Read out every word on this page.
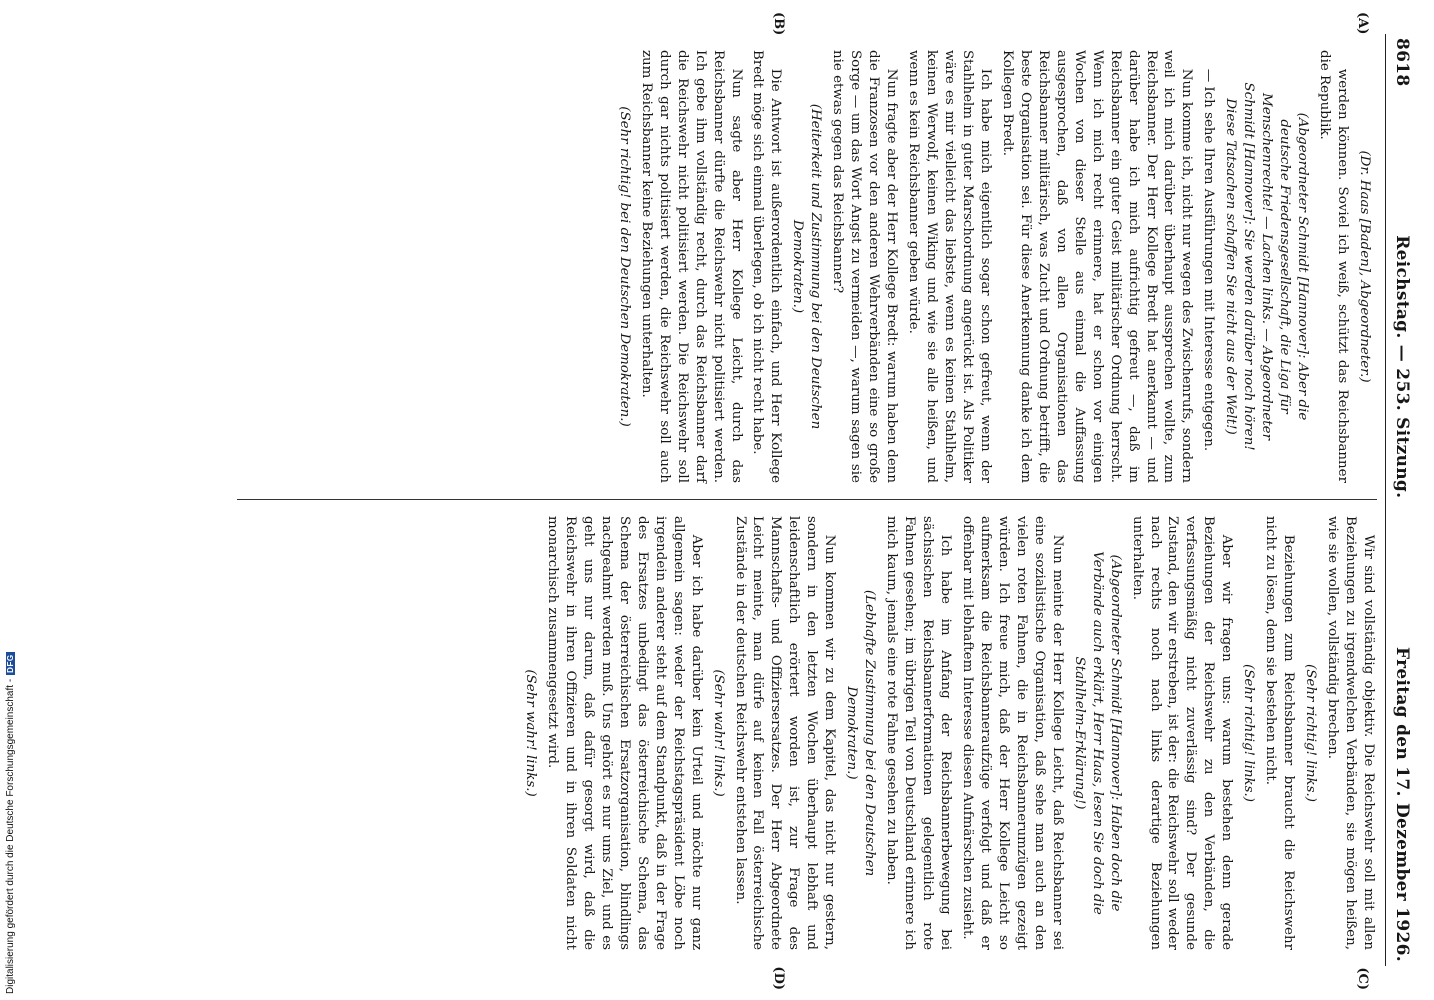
8618
Reichstag. — 253. Sitzung.
Freitag den 17. Dezember 1926.
(A)
(B)

(Dr. Haas [Baden], Abgeordneter.)

werden können. Soviel ich weiß, schützt das Reichsbanner die Republik.

(Abgeordneter Schmidt [Hannover]: Aber die deutsche Friedensgesellschaft, die Liga für Menschenrechte! — Lachen links. — Abgeordneter Schmidt [Hannover]: Sie werden darüber noch hören! Diese Tatsachen schaffen Sie nicht aus der Welt!)

— Ich sehe Ihren Ausführungen mit Interesse entgegen.

Nun komme ich, nicht nur wegen des Zwischenrufs, sondern weil ich mich darüber überhaupt aussprechen wollte, zum Reichsbanner. Der Herr Kollege Bredt hat anerkannt — und darüber habe ich mich aufrichtig gefreut —, daß im Reichsbanner ein guter Geist militärischer Ordnung herrscht. Wenn ich mich recht erinnere, hat er schon vor einigen Wochen von dieser Stelle aus einmal die Auffassung ausgesprochen, daß von allen Organisationen das Reichsbanner militärisch, was Zucht und Ordnung betrifft, die beste Organisation sei. Für diese Anerkennung danke ich dem Kollegen Bredt.

Ich habe mich eigentlich sogar schon gefreut, wenn der Stahlhelm in guter Marschordnung angerückt ist. Als Politiker wäre es mir vielleicht das liebste, wenn es keinen Stahlhelm, keinen Werwolf, keinen Wiking und wie sie alle heißen, und wenn es kein Reichsbanner geben würde.

Nun fragte aber der Herr Kollege Bredt: warum haben denn die Franzosen vor den anderen Wehrverbänden eine so große Sorge — um das Wort Angst zu vermeiden —, warum sagen sie nie etwas gegen das Reichsbanner?

(Heiterkeit und Zustimmung bei den Deutschen Demokraten.)

Die Antwort ist außerordentlich einfach, und Herr Kollege Bredt möge sich einmal überlegen, ob ich nicht recht habe.

Nun sagte aber Herr Kollege Leicht, durch das Reichsbanner dürfte die Reichswehr nicht politisiert werden. Ich gebe ihm vollständig recht, durch das Reichsbanner darf die Reichswehr nicht politisiert werden. Die Reichswehr soll durch gar nichts politisiert werden, die Reichswehr soll auch zum Reichsbanner keine Beziehungen unterhalten.

(Sehr richtig! bei den Deutschen Demokraten.)

(C)
(D)

Wir sind vollständig objektiv. Die Reichswehr soll mit allen Beziehungen zu irgendwelchen Verbänden, sie mögen heißen, wie sie wollen, vollständig brechen.

(Sehr richtig! links.)

Beziehungen zum Reichsbanner braucht die Reichswehr nicht zu lösen, denn sie bestehen nicht.

(Sehr richtig! links.)

Aber wir fragen uns: warum bestehen denn gerade Beziehungen der Reichswehr zu den Verbänden, die verfassungsmäßig nicht zuverlässig sind? Der gesunde Zustand, den wir erstreben, ist der: die Reichswehr soll weder nach rechts noch nach links derartige Beziehungen unterhalten.

(Abgeordneter Schmidt [Hannover]: Haben doch die Verbände auch erklärt, Herr Haas, lesen Sie doch die Stahlhelm-Erklärung!)

Nun meinte der Herr Kollege Leicht, daß Reichsbanner sei eine sozialistische Organisation, daß sehe man auch an den vielen roten Fahnen, die in Reichsbannerumzügen gezeigt würden. Ich freue mich, daß der Herr Kollege Leicht so aufmerksam die Reichsbanneraufzüge verfolgt und daß er offenbar mit lebhaftem Interesse diesen Aufmärschen zusieht.

Ich habe im Anfang der Reichsbannerbewegung bei sächsischen Reichsbannerformationen gelegentlich rote Fahnen gesehen; im übrigen Teil von Deutschland erinnere ich mich kaum, jemals eine rote Fahne gesehen zu haben.

(Lebhafte Zustimmung bei den Deutschen Demokraten.)

Nun kommen wir zu dem Kapitel, das nicht nur gestern, sondern in den letzten Wochen überhaupt lebhaft und leidenschaftlich erörtert worden ist, zur Frage des Mannschafts- und Offiziersersatzes. Der Herr Abgeordnete Leicht meinte, man dürfe auf keinen Fall österreichische Zustände in der deutschen Reichswehr entstehen lassen.

(Sehr wahr! links.)

Aber ich habe darüber kein Urteil und möchte nur ganz allgemein sagen: weder der Reichstagspräsident Löbe noch irgendein anderer steht auf dem Standpunkt, daß in der Frage des Ersatzes unbedingt das österreichische Schema, das Schema der österreichischen Ersatzorganisation, blindlings nachgeahmt werden muß. Uns gehört es nur ums Ziel, und es geht uns nur darum, daß dafür gesorgt wird, daß die Reichswehr in ihren Offizieren und in ihren Soldaten nicht monarchisch zusammengesetzt wird.

(Sehr wahr! links.)

Digitalisierung gefördert durch die Deutsche Forschungsgemeinschaft -DFG
